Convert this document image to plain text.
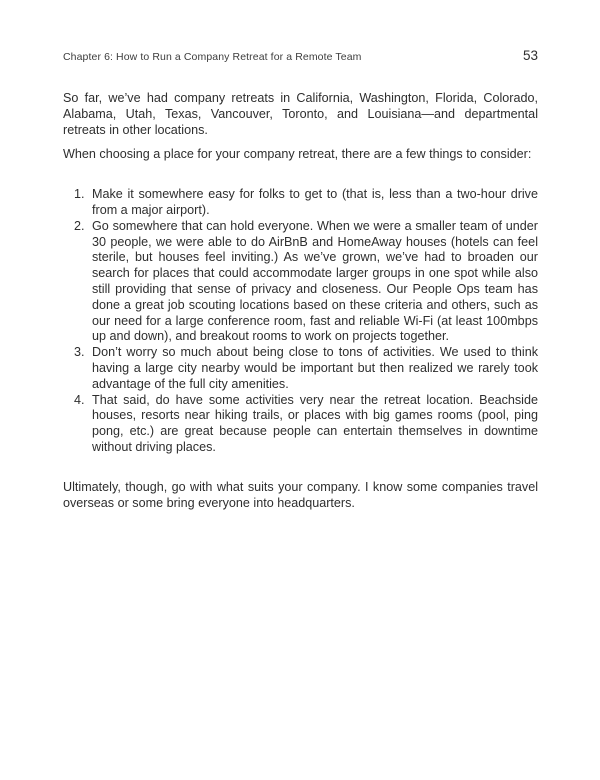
Chapter 6: How to Run a Company Retreat for a Remote Team	53

So far, we’ve had company retreats in California, Washington, Florida, Colorado, Alabama, Utah, Texas, Vancouver, Toronto, and Louisiana—and departmental retreats in other locations.

When choosing a place for your company retreat, there are a few things to consider:

1. Make it somewhere easy for folks to get to (that is, less than a two-hour drive from a major airport).
2. Go somewhere that can hold everyone. When we were a smaller team of under 30 people, we were able to do AirBnB and HomeAway houses (hotels can feel sterile, but houses feel inviting.) As we’ve grown, we’ve had to broaden our search for places that could accommodate larger groups in one spot while also still providing that sense of privacy and closeness. Our People Ops team has done a great job scouting locations based on these criteria and others, such as our need for a large conference room, fast and reliable Wi-Fi (at least 100mbps up and down), and breakout rooms to work on projects together.
3. Don’t worry so much about being close to tons of activities. We used to think having a large city nearby would be important but then realized we rarely took advantage of the full city amenities.
4. That said, do have some activities very near the retreat location. Beachside houses, resorts near hiking trails, or places with big games rooms (pool, ping pong, etc.) are great because people can entertain themselves in downtime without driving places.

Ultimately, though, go with what suits your company. I know some companies travel overseas or some bring everyone into headquarters.
